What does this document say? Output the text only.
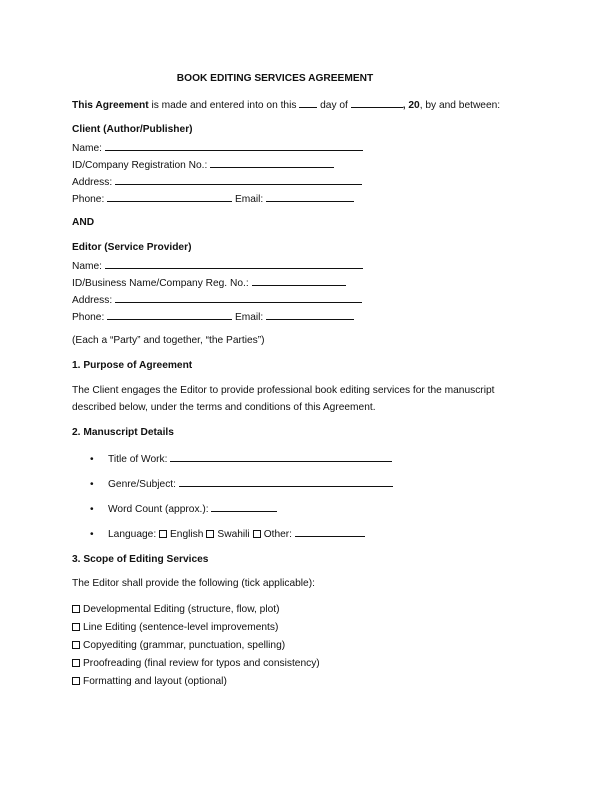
BOOK EDITING SERVICES AGREEMENT
This Agreement is made and entered into on this  day of	, 20, by and between:
Client (Author/Publisher)
Name:
ID/Company Registration No.:
Address:
Phone:	Email:
AND
Editor (Service Provider)
Name:
ID/Business Name/Company Reg. No.:
Address:
Phone:	Email:
(Each a “Party” and together, “the Parties”)
1. Purpose of Agreement
The Client engages the Editor to provide professional book editing services for the manuscript
described below, under the terms and conditions of this Agreement.
2. Manuscript Details
• Title of Work:
• Genre/Subject:
• Word Count (approx.):
• Language: English Swahili Other:
3. Scope of Editing Services
The Editor shall provide the following (tick applicable):
Developmental Editing (structure, flow, plot)
Line Editing (sentence-level improvements)
Copyediting (grammar, punctuation, spelling)
Proofreading (final review for typos and consistency)
Formatting and layout (optional)
